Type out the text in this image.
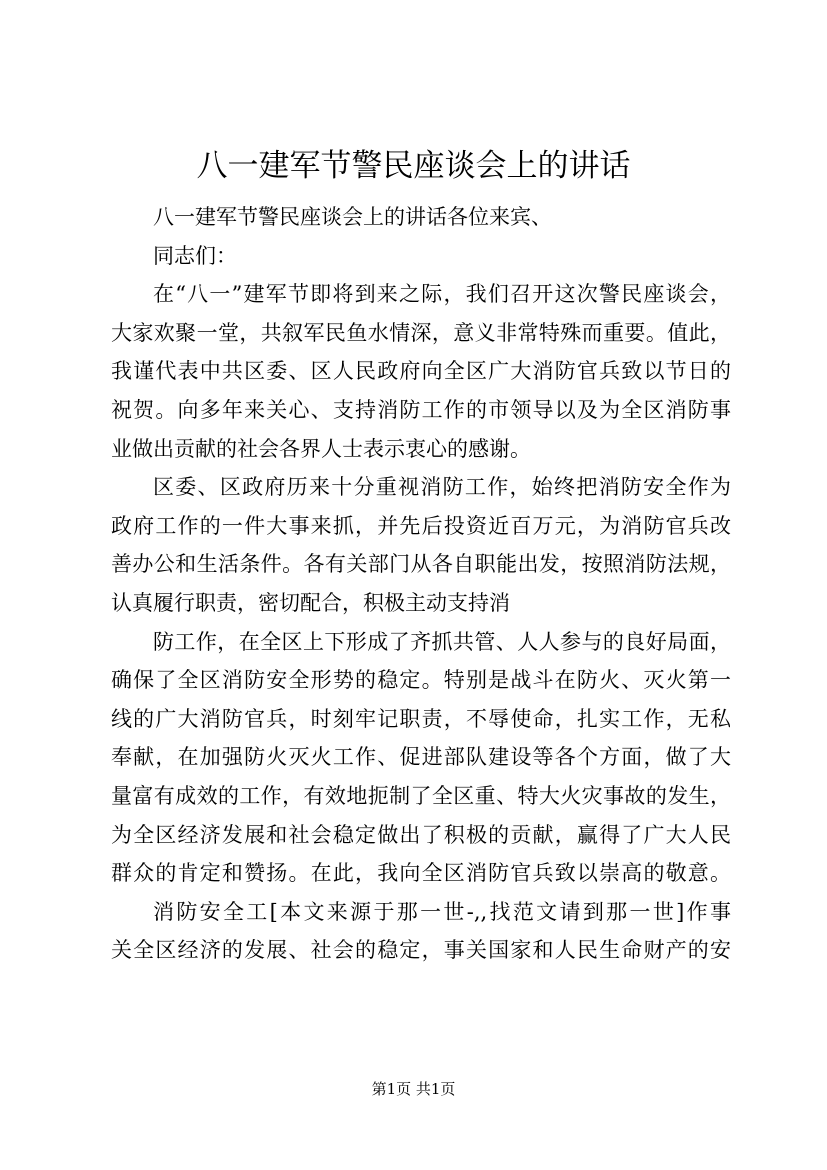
八一建军节警民座谈会上的讲话
八一建军节警民座谈会上的讲话各位来宾、
同志们：
在“八一”建军节即将到来之际，我们召开这次警民座谈会，
大家欢聚一堂，共叙军民鱼水情深，意义非常特殊而重要。值此，
我谨代表中共区委、区人民政府向全区广大消防官兵致以节日的
祝贺。向多年来关心、支持消防工作的市领导以及为全区消防事
业做出贡献的社会各界人士表示衷心的感谢。
区委、区政府历来十分重视消防工作，始终把消防安全作为
政府工作的一件大事来抓，并先后投资近百万元，为消防官兵改
善办公和生活条件。各有关部门从各自职能出发，按照消防法规，
认真履行职责，密切配合，积极主动支持消
防工作，在全区上下形成了齐抓共管、人人参与的良好局面，
确保了全区消防安全形势的稳定。特别是战斗在防火、灭火第一
线的广大消防官兵，时刻牢记职责，不辱使命，扎实工作，无私
奉献，在加强防火灭火工作、促进部队建设等各个方面，做了大
量富有成效的工作，有效地扼制了全区重、特大火灾事故的发生，
为全区经济发展和社会稳定做出了积极的贡献，赢得了广大人民
群众的肯定和赞扬。在此，我向全区消防官兵致以崇高的敬意。
消防安全工[本文来源于那一世-,,找范文请到那一世]作事
关全区经济的发展、社会的稳定，事关国家和人民生命财产的安
第1页 共1页
